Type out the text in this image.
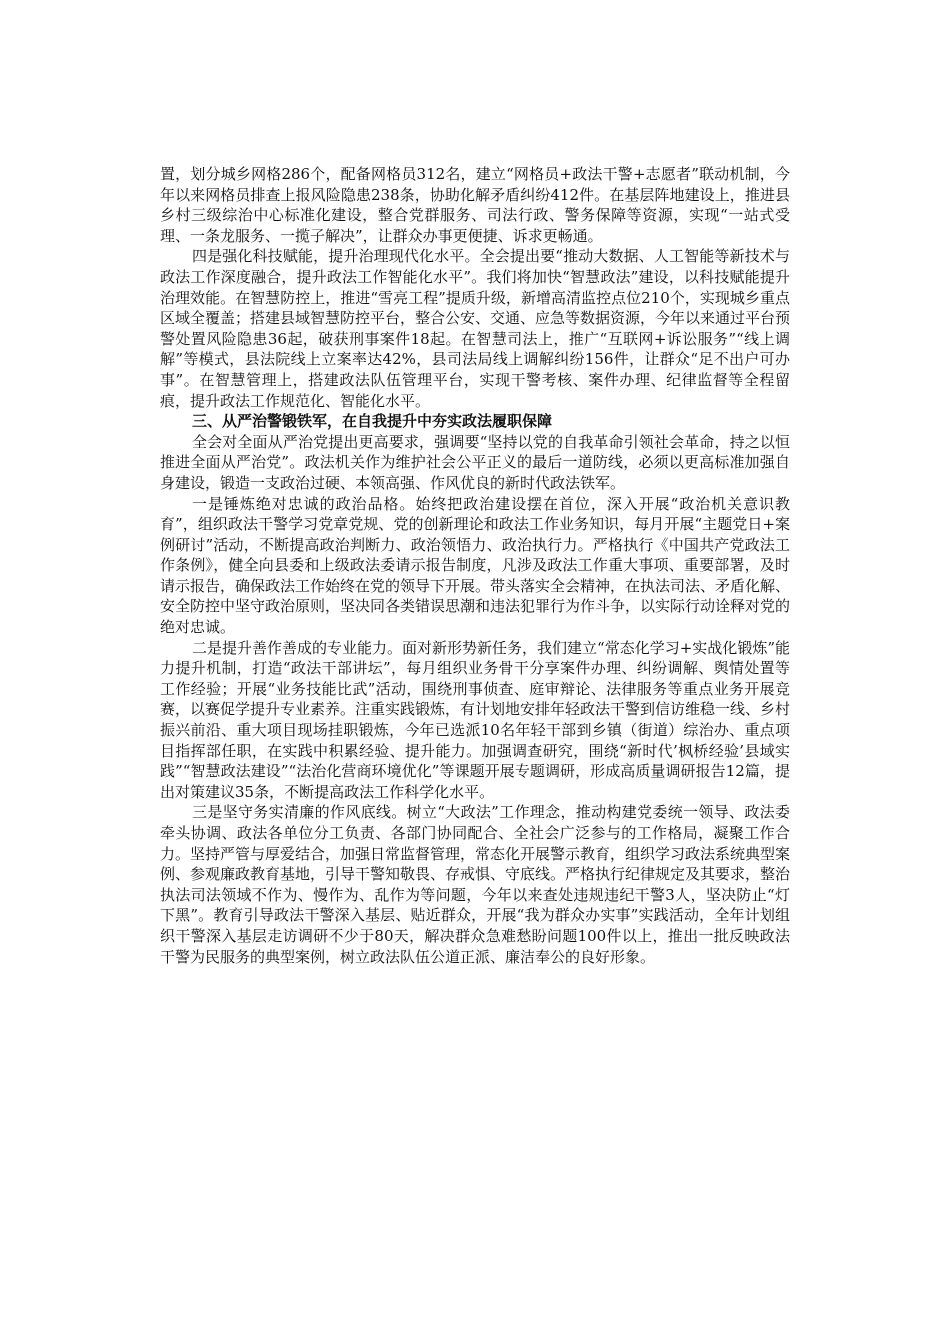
置，划分城乡网格286个，配备网格员312名，建立“网格员+政法干警+志愿者”联动机制，今年以来网格员排查上报风险隐患238条，协助化解矛盾纠纷412件。在基层阵地建设上，推进县乡村三级综治中心标准化建设，整合党群服务、司法行政、警务保障等资源，实现“一站式受理、一条龙服务、一揽子解决”，让群众办事更便捷、诉求更畅通。

四是强化科技赋能，提升治理现代化水平。全会提出要“推动大数据、人工智能等新技术与政法工作深度融合，提升政法工作智能化水平”。我们将加快“智慧政法”建设，以科技赋能提升治理效能。在智慧防控上，推进“雪亮工程”提质升级，新增高清监控点位210个，实现城乡重点区域全覆盖；搭建县域智慧防控平台，整合公安、交通、应急等数据资源，今年以来通过平台预警处置风险隐患36起，破获刑事案件18起。在智慧司法上，推广“互联网+诉讼服务”“线上调解”等模式，县法院线上立案率达42%，县司法局线上调解纠纷156件，让群众“足不出户可办事”。在智慧管理上，搭建政法队伍管理平台，实现干警考核、案件办理、纪律监督等全程留痕，提升政法工作规范化、智能化水平。

三、从严治警锻铁军，在自我提升中夯实政法履职保障

全会对全面从严治党提出更高要求，强调要“坚持以党的自我革命引领社会革命，持之以恒推进全面从严治党”。政法机关作为维护社会公平正义的最后一道防线，必须以更高标准加强自身建设，锻造一支政治过硬、本领高强、作风优良的新时代政法铁军。

一是锤炼绝对忠诚的政治品格。始终把政治建设摆在首位，深入开展“政治机关意识教育”，组织政法干警学习党章党规、党的创新理论和政法工作业务知识，每月开展“主题党日+案例研讨”活动，不断提高政治判断力、政治领悟力、政治执行力。严格执行《中国共产党政法工作条例》，健全向县委和上级政法委请示报告制度，凡涉及政法工作重大事项、重要部署，及时请示报告，确保政法工作始终在党的领导下开展。带头落实全会精神，在执法司法、矛盾化解、安全防控中坚守政治原则，坚决同各类错误思潮和违法犯罪行为作斗争，以实际行动诠释对党的绝对忠诚。

二是提升善作善成的专业能力。面对新形势新任务，我们建立“常态化学习+实战化锻炼”能力提升机制，打造“政法干部讲坛”，每月组织业务骨干分享案件办理、纠纷调解、舆情处置等工作经验；开展“业务技能比武”活动，围绕刑事侦查、庭审辩论、法律服务等重点业务开展竞赛，以赛促学提升专业素养。注重实践锻炼，有计划地安排年轻政法干警到信访维稳一线、乡村振兴前沿、重大项目现场挂职锻炼，今年已选派10名年轻干部到乡镇（街道）综治办、重点项目指挥部任职，在实践中积累经验、提升能力。加强调查研究，围绕“新时代’枫桥经验’县域实践”“智慧政法建设”“法治化营商环境优化”等课题开展专题调研，形成高质量调研报告12篇，提出对策建议35条，不断提高政法工作科学化水平。

三是坚守务实清廉的作风底线。树立“大政法”工作理念，推动构建党委统一领导、政法委牵头协调、政法各单位分工负责、各部门协同配合、全社会广泛参与的工作格局，凝聚工作合力。坚持严管与厚爱结合，加强日常监督管理，常态化开展警示教育，组织学习政法系统典型案例、参观廉政教育基地，引导干警知敬畏、存戒惧、守底线。严格执行纪律规定及其要求，整治执法司法领域不作为、慢作为、乱作为等问题，今年以来查处违规违纪干警3人，坚决防止“灯下黑”。教育引导政法干警深入基层、贴近群众，开展“我为群众办实事”实践活动，全年计划组织干警深入基层走访调研不少于80天，解决群众急难愁盼问题100件以上，推出一批反映政法干警为民服务的典型案例，树立政法队伍公道正派、廉洁奉公的良好形象。
